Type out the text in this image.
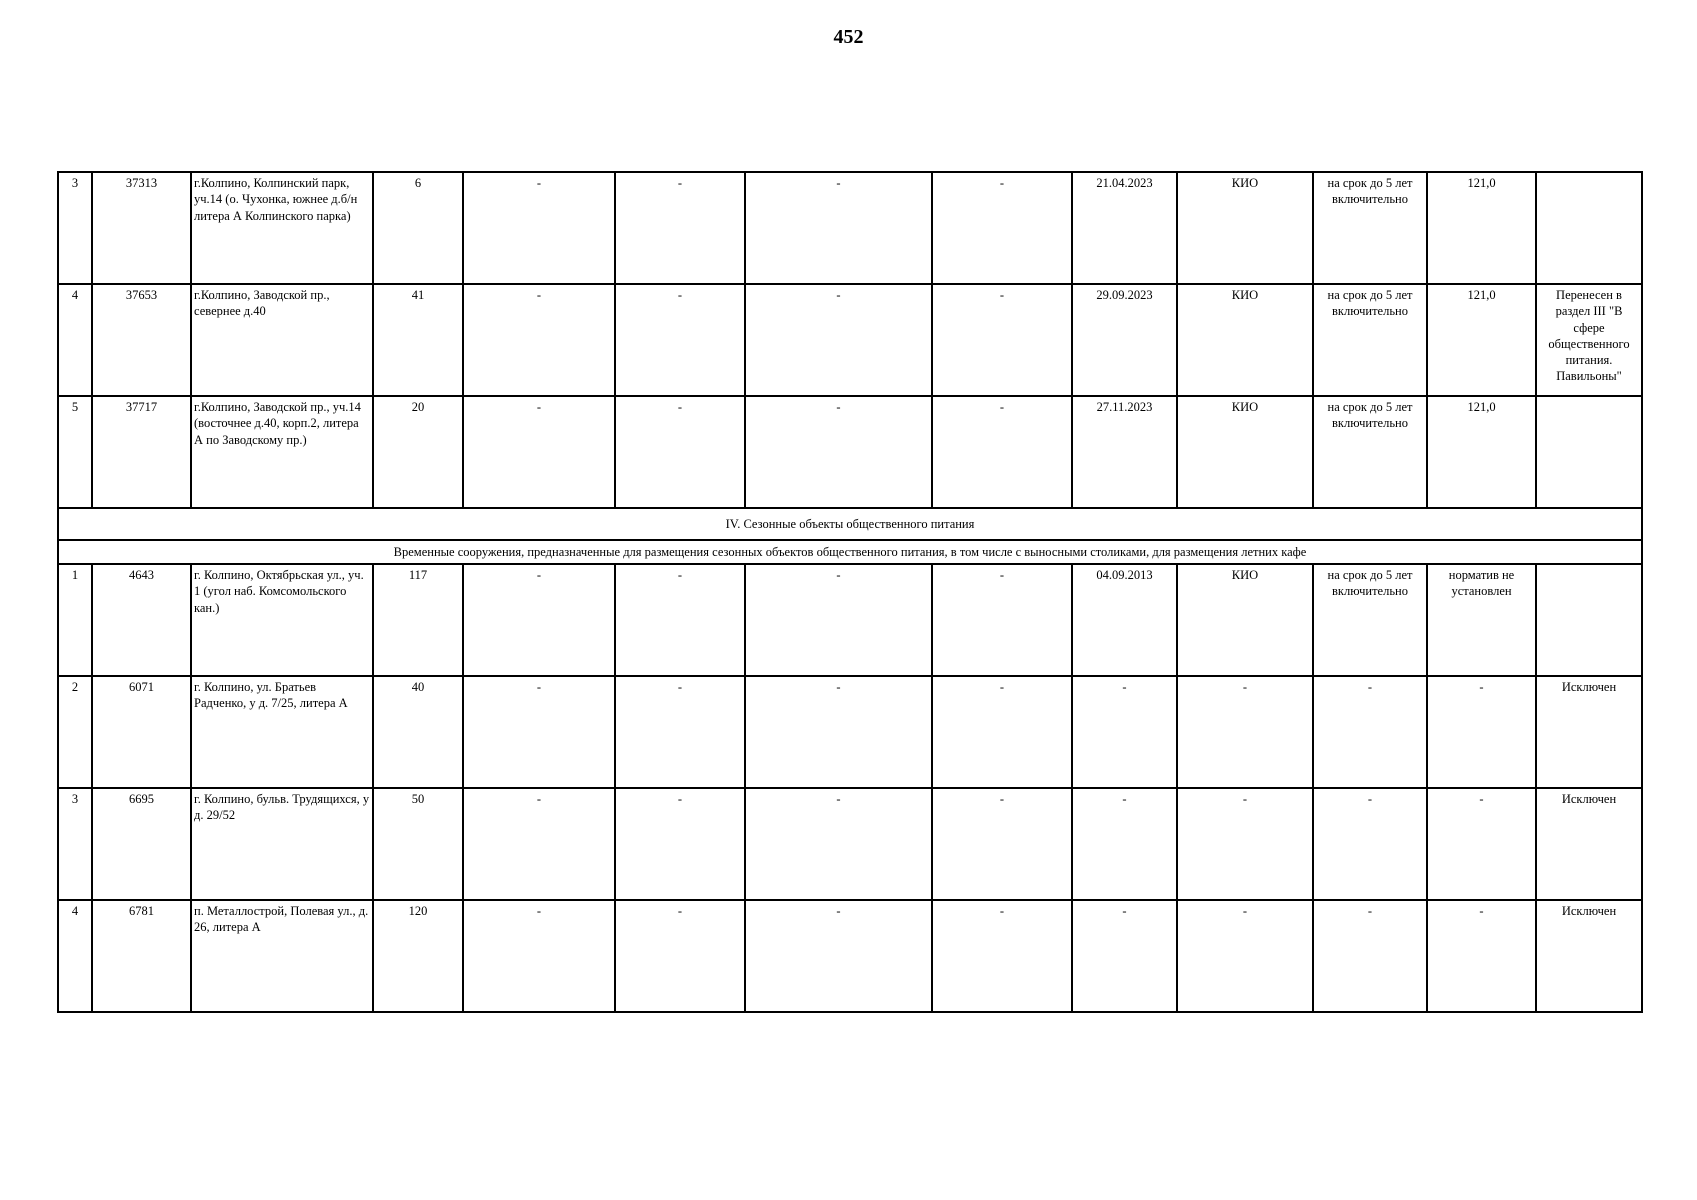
452
3	37313	г.Колпино, Колпинский парк, уч.14 (о. Чухонка, южнее д.б/н литера А Колпинского парка)	6	-	-	-	-	21.04.2023	КИО	на срок до 5 лет включительно	121,0	
4	37653	г.Колпино, Заводской пр., севернее д.40	41	-	-	-	-	29.09.2023	КИО	на срок до 5 лет включительно	121,0	Перенесен в раздел III "В сфере общественного питания. Павильоны"
5	37717	г.Колпино, Заводской пр., уч.14 (восточнее д.40, корп.2, литера А по Заводскому пр.)	20	-	-	-	-	27.11.2023	КИО	на срок до 5 лет включительно	121,0	
IV. Сезонные объекты общественного питания												
Временные сооружения, предназначенные для размещения сезонных объектов общественного питания, в том числе с выносными столиками, для размещения летних кафе												
1	4643	г. Колпино, Октябрьская ул., уч. 1 (угол наб. Комсомольского кан.)	117	-	-	-	-	04.09.2013	КИО	на срок до 5 лет включительно	норматив не установлен	
2	6071	г. Колпино, ул. Братьев Радченко, у д. 7/25, литера А	40	-	-	-	-	-	-	-	-	Исключен
3	6695	г. Колпино, бульв. Трудящихся, у д. 29/52	50	-	-	-	-	-	-	-	-	Исключен
4	6781	п. Металлострой, Полевая ул., д. 26, литера А	120	-	-	-	-	-	-	-	-	Исключен
